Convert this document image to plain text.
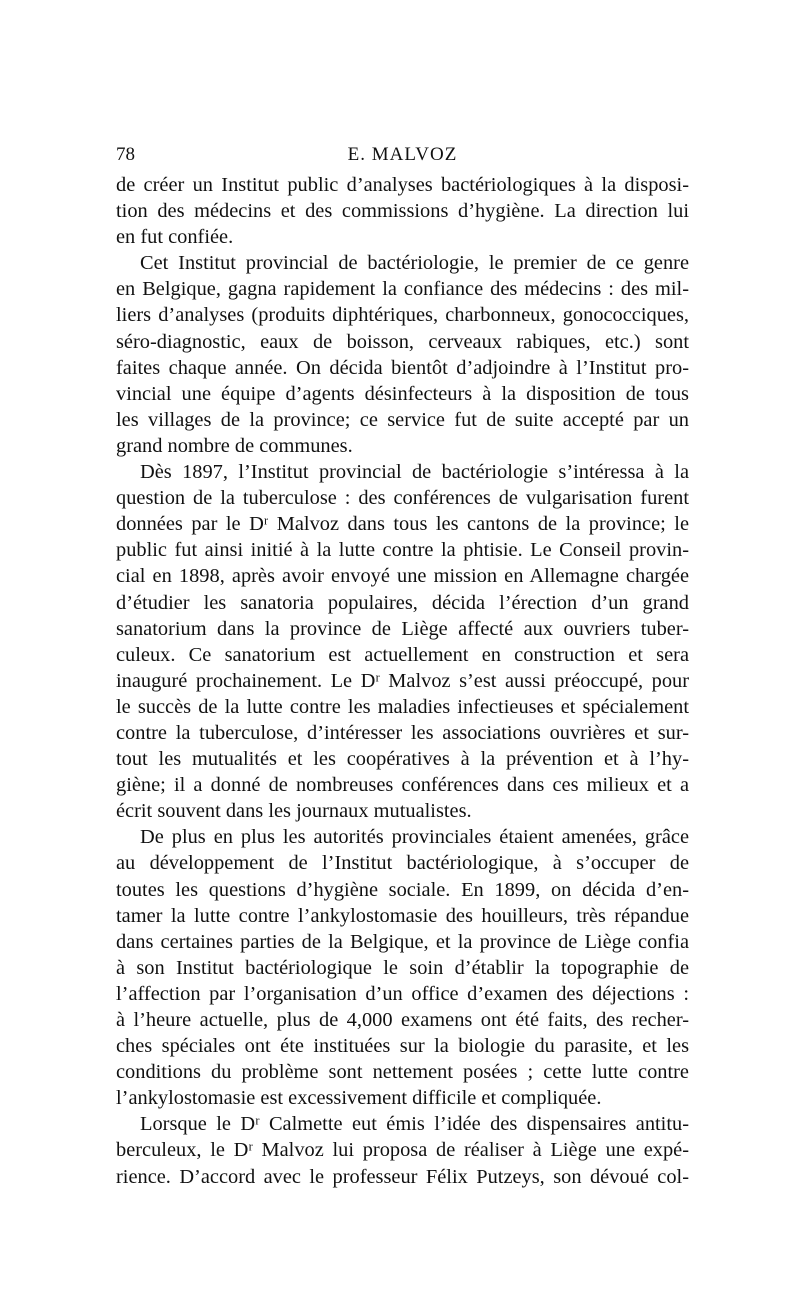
78	E. MALVOZ
de créer un Institut public d’analyses bactériologiques à la disposi-
tion des médecins et des commissions d’hygiène. La direction lui
en fut confiée.
Cet Institut provincial de bactériologie, le premier de ce genre
en Belgique, gagna rapidement la confiance des médecins : des mil-
liers d’analyses (produits diphtériques, charbonneux, gonococciques,
séro-diagnostic, eaux de boisson, cerveaux rabiques, etc.) sont
faites chaque année. On décida bientôt d’adjoindre à l’Institut pro-
vincial une équipe d’agents désinfecteurs à la disposition de tous
les villages de la province; ce service fut de suite accepté par un
grand nombre de communes.
Dès 1897, l’Institut provincial de bactériologie s’intéressa à la
question de la tuberculose : des conférences de vulgarisation furent
données par le Dʳ Malvoz dans tous les cantons de la province; le
public fut ainsi initié à la lutte contre la phtisie. Le Conseil provin-
cial en 1898, après avoir envoyé une mission en Allemagne chargée
d’étudier les sanatoria populaires, décida l’érection d’un grand
sanatorium dans la province de Liège affecté aux ouvriers tuber-
culeux. Ce sanatorium est actuellement en construction et sera
inauguré prochainement. Le Dʳ Malvoz s’est aussi préoccupé, pour
le succès de la lutte contre les maladies infectieuses et spécialement
contre la tuberculose, d’intéresser les associations ouvrières et sur-
tout les mutualités et les coopératives à la prévention et à l’hy-
giène; il a donné de nombreuses conférences dans ces milieux et a
écrit souvent dans les journaux mutualistes.
De plus en plus les autorités provinciales étaient amenées, grâce
au développement de l’Institut bactériologique, à s’occuper de
toutes les questions d’hygiène sociale. En 1899, on décida d’en-
tamer la lutte contre l’ankylostomasie des houilleurs, très répandue
dans certaines parties de la Belgique, et la province de Liège confia
à son Institut bactériologique le soin d’établir la topographie de
l’affection par l’organisation d’un office d’examen des déjections :
à l’heure actuelle, plus de 4,000 examens ont été faits, des recher-
ches spéciales ont éte instituées sur la biologie du parasite, et les
conditions du problème sont nettement posées ; cette lutte contre
l’ankylostomasie est excessivement difficile et compliquée.
Lorsque le Dʳ Calmette eut émis l’idée des dispensaires antitu-
berculeux, le Dʳ Malvoz lui proposa de réaliser à Liège une expé-
rience. D’accord avec le professeur Félix Putzeys, son dévoué col-
